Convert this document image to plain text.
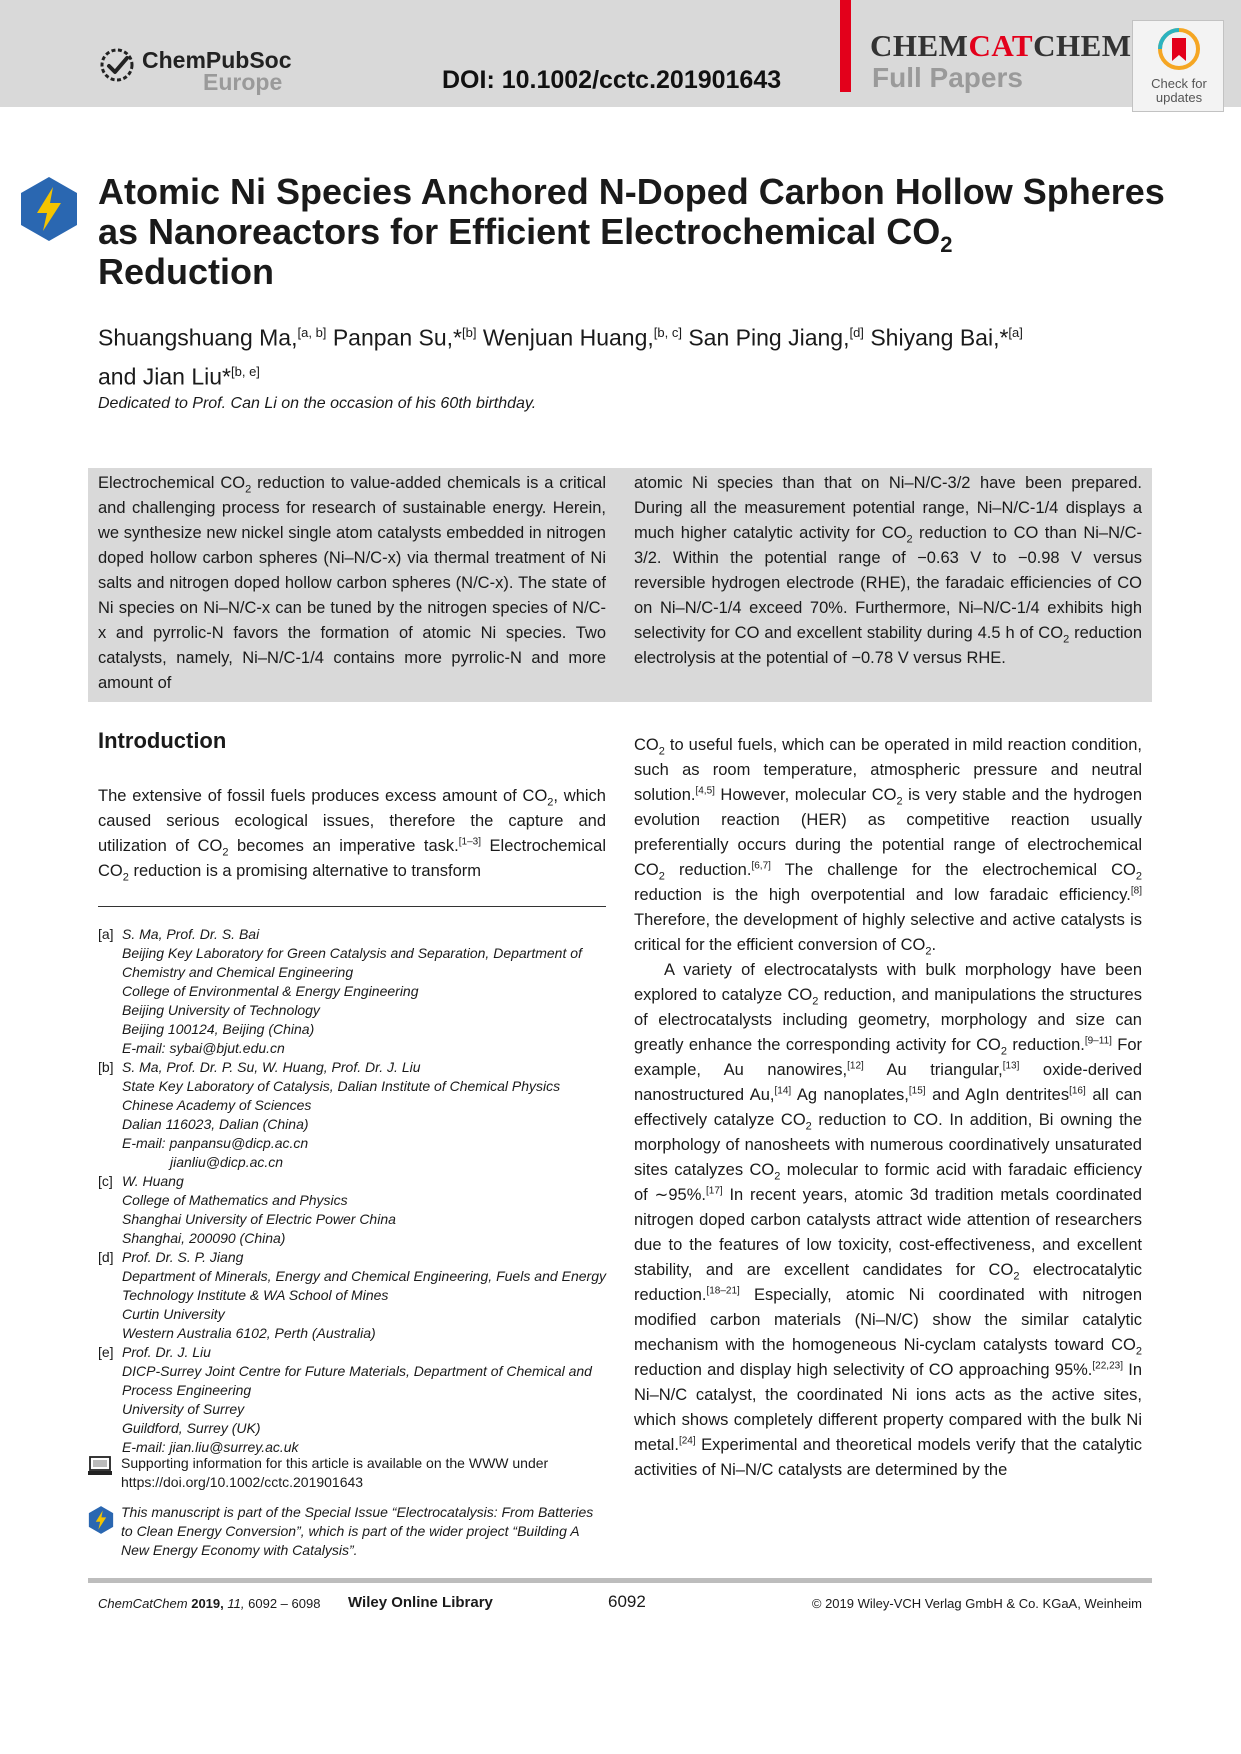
ChemPubSoc
Europe	DOI: 10.1002/cctc.201901643
CHEMCATCHEM
Full Papers	Check for updates
Atomic Ni Species Anchored N-Doped Carbon Hollow Spheres as Nanoreactors for Efficient Electrochemical $CO_2$
Reduction
Shuangshuang Ma,[a, b] Panpan Su,*[b] Wenjuan Huang,[b, c] San Ping Jiang,[d] Shiyang Bai,*[a]
and Jian Liu*[b, e]
Dedicated to Prof. Can Li on the occasion of his 60th birthday.
Electrochemical $CO_2$ reduction to value-added chemicals is a critical and challenging process for research of sustainable energy. Herein, we synthesize new nickel single atom catalysts embedded in nitrogen doped hollow carbon spheres (Ni–N/C-x) via thermal treatment of Ni salts and nitrogen doped hollow carbon spheres (N/C-x). The state of Ni species on Ni–N/C-x can be tuned by the nitrogen species of N/C-x and pyrrolic-N favors the formation of atomic Ni species. Two catalysts, namely, Ni–N/C-1/4 contains more pyrrolic-N and more amount of
atomic Ni species than that on Ni–N/C-3/2 have been prepared. During all the measurement potential range, Ni–N/C-1/4 displays a much higher catalytic activity for $CO_2$ reduction to CO than Ni–N/C-3/2. Within the potential range of −0.63 V to −0.98 V versus reversible hydrogen electrode (RHE), the faradaic efficiencies of CO on Ni–N/C-1/4 exceed 70%. Furthermore, Ni–N/C-1/4 exhibits high selectivity for CO and excellent stability during 4.5 h of $CO_2$ reduction electrolysis at the potential of −0.78 V versus RHE.
Introduction

The extensive of fossil fuels produces excess amount of $CO_2$, which caused serious ecological issues, therefore the capture and utilization of $CO_2$ becomes an imperative task.[1–3] Electrochemical $CO_2$ reduction is a promising alternative to transform

[a] S. Ma, Prof. Dr. S. Bai
Beijing Key Laboratory for Green Catalysis and Separation, Department of Chemistry and Chemical Engineering
College of Environmental & Energy Engineering
Beijing University of Technology
Beijing 100124, Beijing (China)
E-mail: sybai@bjut.edu.cn
[b] S. Ma, Prof. Dr. P. Su, W. Huang, Prof. Dr. J. Liu
State Key Laboratory of Catalysis, Dalian Institute of Chemical Physics
Chinese Academy of Sciences
Dalian 116023, Dalian (China)
E-mail: panpansu@dicp.ac.cn
jianliu@dicp.ac.cn
[c] W. Huang
College of Mathematics and Physics
Shanghai University of Electric Power China
Shanghai, 200090 (China)
[d] Prof. Dr. S. P. Jiang
Department of Minerals, Energy and Chemical Engineering, Fuels and Energy Technology Institute & WA School of Mines
Curtin University
Western Australia 6102, Perth (Australia)
[e] Prof. Dr. J. Liu
DICP-Surrey Joint Centre for Future Materials, Department of Chemical and Process Engineering
University of Surrey
Guildford, Surrey (UK)
E-mail: jian.liu@surrey.ac.uk
Supporting information for this article is available on the WWW under https://doi.org/10.1002/cctc.201901643
This manuscript is part of the Special Issue “Electrocatalysis: From Batteries to Clean Energy Conversion”, which is part of the wider project “Building A New Energy Economy with Catalysis”.

$CO_2$ to useful fuels, which can be operated in mild reaction condition, such as room temperature, atmospheric pressure and neutral solution.[4,5] However, molecular $CO_2$ is very stable and the hydrogen evolution reaction (HER) as competitive reaction usually preferentially occurs during the potential range of electrochemical $CO_2$ reduction.[6,7] The challenge for the electrochemical $CO_2$ reduction is the high overpotential and low faradaic efficiency.[8] Therefore, the development of highly selective and active catalysts is critical for the efficient conversion of $CO_2$.

A variety of electrocatalysts with bulk morphology have been explored to catalyze $CO_2$ reduction, and manipulations the structures of electrocatalysts including geometry, morphology and size can greatly enhance the corresponding activity for $CO_2$ reduction.[9–11] For example, Au nanowires,[12] Au triangular,[13] oxide-derived nanostructured Au,[14] Ag nanoplates,[15] and AgIn dentrites[16] all can effectively catalyze $CO_2$ reduction to CO. In addition, Bi owning the morphology of nanosheets with numerous coordinatively unsaturated sites catalyzes $CO_2$ molecular to formic acid with faradaic efficiency of ∼95%.[17] In recent years, atomic 3d tradition metals coordinated nitrogen doped carbon catalysts attract wide attention of researchers due to the features of low toxicity, cost-effectiveness, and excellent stability, and are excellent candidates for $CO_2$ electrocatalytic reduction.[18–21] Especially, atomic Ni coordinated with nitrogen modified carbon materials (Ni–N/C) show the similar catalytic mechanism with the homogeneous Ni-cyclam catalysts toward $CO_2$ reduction and display high selectivity of CO approaching 95%.[22,23] In Ni–N/C catalyst, the coordinated Ni ions acts as the active sites, which shows completely different property compared with the bulk Ni metal.[24] Experimental and theoretical models verify that the catalytic activities of Ni–N/C catalysts are determined by the

ChemCatChem 2019, 11, 6092 – 6098 Wiley Online Library	6092	© 2019 Wiley-VCH Verlag GmbH & Co. KGaA, Weinheim
